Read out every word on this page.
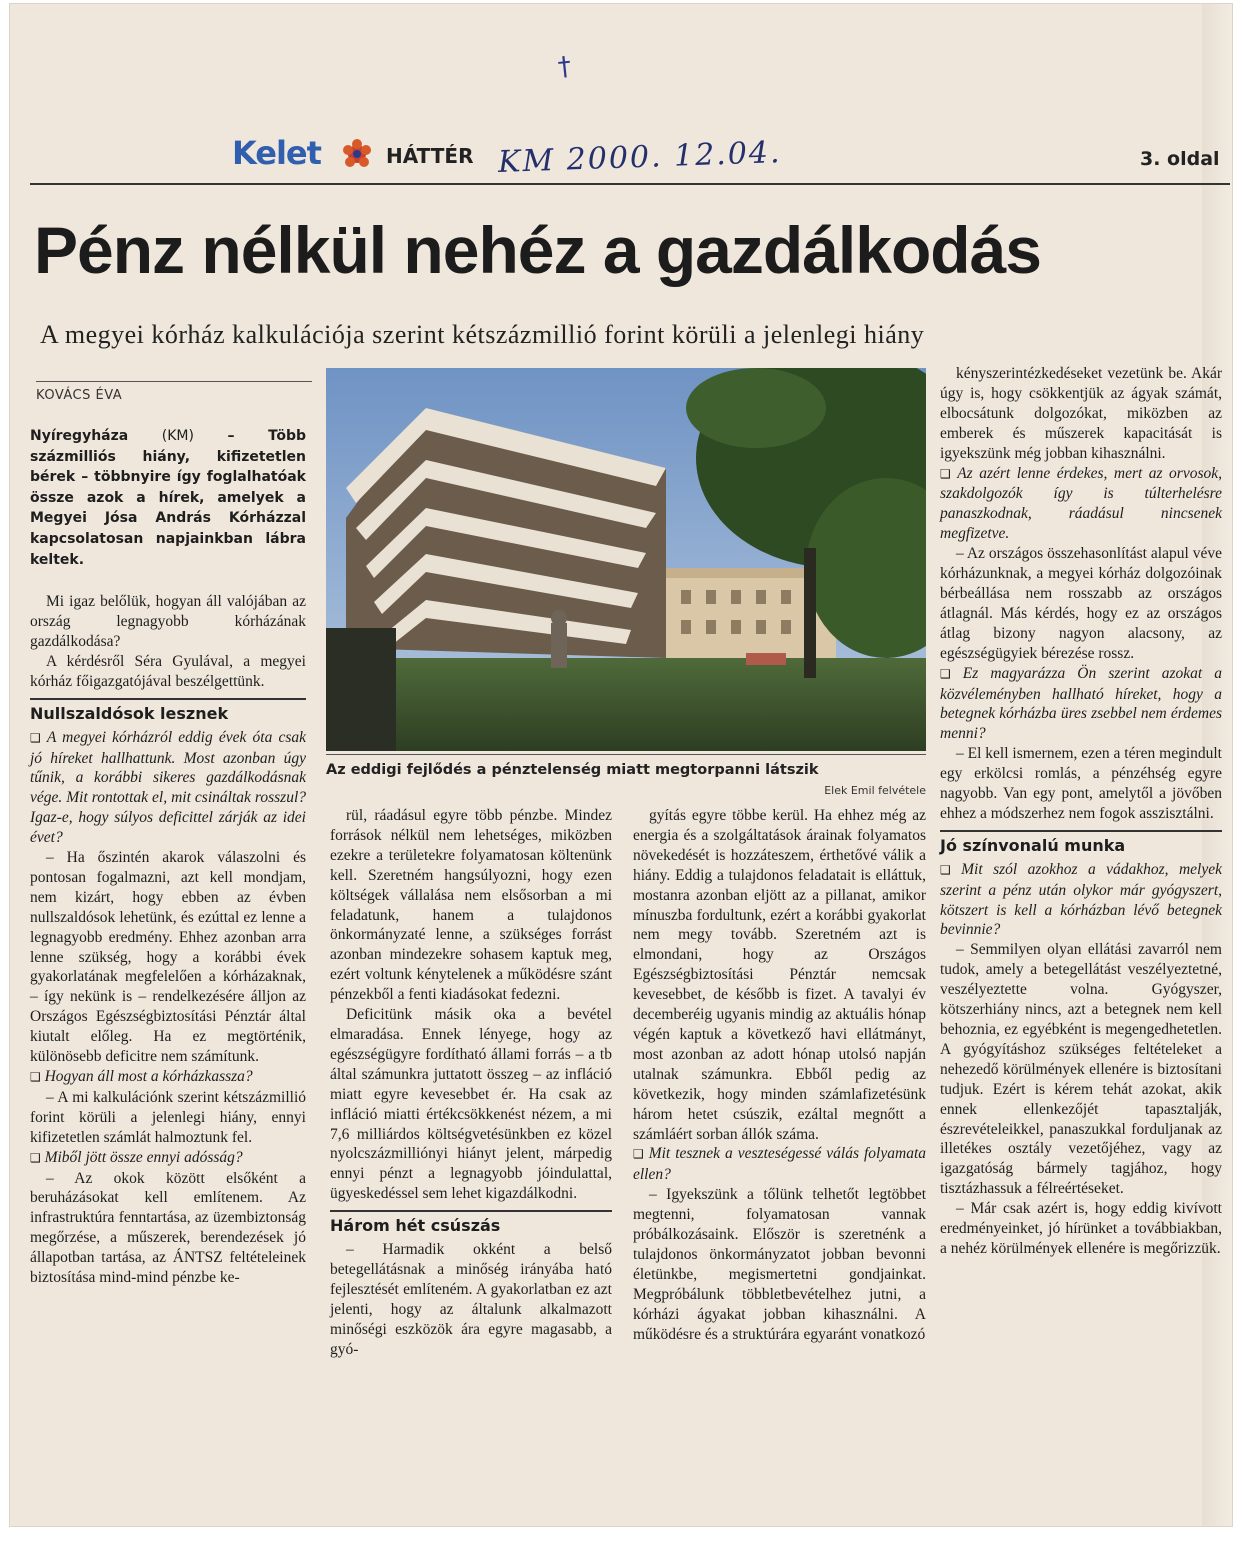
†
Kelet	HÁTTÉR KM 2000. 12.04.	3. oldal
Pénz nélkül nehéz a gazdálkodás
A megyei kórház kalkulációja szerint kétszázmillió forint körüli a jelenlegi hiány
KOVÁCS ÉVA

Nyíregyháza (KM) – Több százmilliós hiány, kifizetetlen bérek – többnyire így foglalhatóak össze azok a hírek, amelyek a Megyei Jósa András Kórházzal kapcsolatosan napjainkban lábra keltek.

Mi igaz belőlük, hogyan áll valójában az ország legnagyobb kórházának gazdálkodása?

A kérdésről Séra Gyulával, a megyei kórház főigazgatójával beszélgettünk.

Nullszaldósok lesznek

❑ A megyei kórházról eddig évek óta csak jó híreket hallhattunk. Most azonban úgy tűnik, a korábbi sikeres gazdálkodásnak vége. Mit rontottak el, mit csináltak rosszul? Igaz-e, hogy súlyos deficittel zárják az idei évet?

– Ha őszintén akarok válaszolni és pontosan fogalmazni, azt kell mondjam, nem kizárt, hogy ebben az évben nullszaldósok lehetünk, és ezúttal ez lenne a legnagyobb eredmény. Ehhez azonban arra lenne szükség, hogy a korábbi évek gyakorlatának megfelelően a kórházaknak, – így nekünk is – rendelkezésére álljon az Országos Egészségbiztosítási Pénztár által kiutalt előleg. Ha ez megtörténik, különösebb deficitre nem számítunk.

❑ Hogyan áll most a kórházkassza?

– A mi kalkulációnk szerint kétszázmillió forint körüli a jelenlegi hiány, ennyi kifizetetlen számlát halmoztunk fel.

❑ Miből jött össze ennyi adósság?

– Az okok között elsőként a beruházásokat kell említenem. Az infrastruktúra fenntartása, az üzembiztonság megőrzése, a műszerek, berendezések jó állapotban tartása, az ÁNTSZ feltételeinek biztosítása mind-mind pénzbe ke-

Az eddigi fejlődés a pénztelenség miatt megtorpanni látszik
Elek Emil felvétele

rül, ráadásul egyre több pénzbe. Mindez források nélkül nem lehetséges, miközben ezekre a területekre folyamatosan költenünk kell. Szeretném hangsúlyozni, hogy ezen költségek vállalása nem elsősorban a mi feladatunk, hanem a tulajdonos önkormányzaté lenne, a szükséges forrást azonban mindezekre sohasem kaptuk meg, ezért voltunk kénytelenek a működésre szánt pénzekből a fenti kiadásokat fedezni.

Deficitünk másik oka a bevétel elmaradása. Ennek lényege, hogy az egészségügyre fordítható állami forrás – a tb által számunkra juttatott összeg – az infláció miatt egyre kevesebbet ér. Ha csak az infláció miatti értékcsökkenést nézem, a mi 7,6 milliárdos költségvetésünkben ez közel nyolcszázmilliónyi hiányt jelent, márpedig ennyi pénzt a legnagyobb jóindulattal, ügyeskedéssel sem lehet kigazdálkodni.

Három hét csúszás

– Harmadik okként a belső betegellátásnak a minőség irányába ható fejlesztését említeném. A gyakorlatban ez azt jelenti, hogy az általunk alkalmazott minőségi eszközök ára egyre magasabb, a gyó-

gyítás egyre többe kerül. Ha ehhez még az energia és a szolgáltatások árainak folyamatos növekedését is hozzáteszem, érthetővé válik a hiány. Eddig a tulajdonos feladatait is elláttuk, mostanra azonban eljött az a pillanat, amikor mínuszba fordultunk, ezért a korábbi gyakorlat nem megy tovább. Szeretném azt is elmondani, hogy az Országos Egészségbiztosítási Pénztár nemcsak kevesebbet, de később is fizet. A tavalyi év decemberéig ugyanis mindig az aktuális hónap végén kaptuk a következő havi ellátmányt, most azonban az adott hónap utolsó napján utalnak számunkra. Ebből pedig az következik, hogy minden számlafizetésünk három hetet csúszik, ezáltal megnőtt a számláért sorban állók száma.

❑ Mit tesznek a veszteségessé válás folyamata ellen?

– Igyekszünk a tőlünk telhetőt legtöbbet megtenni, folyamatosan vannak próbálkozásaink. Először is szeretnénk a tulajdonos önkormányzatot jobban bevonni életünkbe, megismertetni gondjainkat. Megpróbálunk többletbevételhez jutni, a kórházi ágyakat jobban kihasználni. A működésre és a struktúrára egyaránt vonatkozó

kényszerintézkedéseket vezetünk be. Akár úgy is, hogy csökkentjük az ágyak számát, elbocsátunk dolgozókat, miközben az emberek és műszerek kapacitását is igyekszünk még jobban kihasználni.

❑ Az azért lenne érdekes, mert az orvosok, szakdolgozók így is túlterhelésre panaszkodnak, ráadásul nincsenek megfizetve.

– Az országos összehasonlítást alapul véve kórházunknak, a megyei kórház dolgozóinak bérbeállása nem rosszabb az országos átlagnál. Más kérdés, hogy ez az országos átlag bizony nagyon alacsony, az egészségügyiek bérezése rossz.

❑ Ez magyarázza Ön szerint azokat a közvéleményben hallható híreket, hogy a betegnek kórházba üres zsebbel nem érdemes menni?

– El kell ismernem, ezen a téren megindult egy erkölcsi romlás, a pénzéhség egyre nagyobb. Van egy pont, amelytől a jövőben ehhez a módszerhez nem fogok asszisztálni.

Jó színvonalú munka

❑ Mit szól azokhoz a vádakhoz, melyek szerint a pénz után olykor már gyógyszert, kötszert is kell a kórházban lévő betegnek bevinnie?

– Semmilyen olyan ellátási zavarról nem tudok, amely a betegellátást veszélyeztetné, veszélyeztette volna. Gyógyszer, kötszerhiány nincs, azt a betegnek nem kell behoznia, ez egyébként is megengedhetetlen. A gyógyításhoz szükséges feltételeket a nehezedő körülmények ellenére is biztosítani tudjuk. Ezért is kérem tehát azokat, akik ennek ellenkezőjét tapasztalják, észrevételeikkel, panaszukkal forduljanak az illetékes osztály vezetőjéhez, vagy az igazgatóság bármely tagjához, hogy tisztázhassuk a félreértéseket.

– Már csak azért is, hogy eddig kivívott eredményeinket, jó hírünket a továbbiakban, a nehéz körülmények ellenére is megőrizzük.
